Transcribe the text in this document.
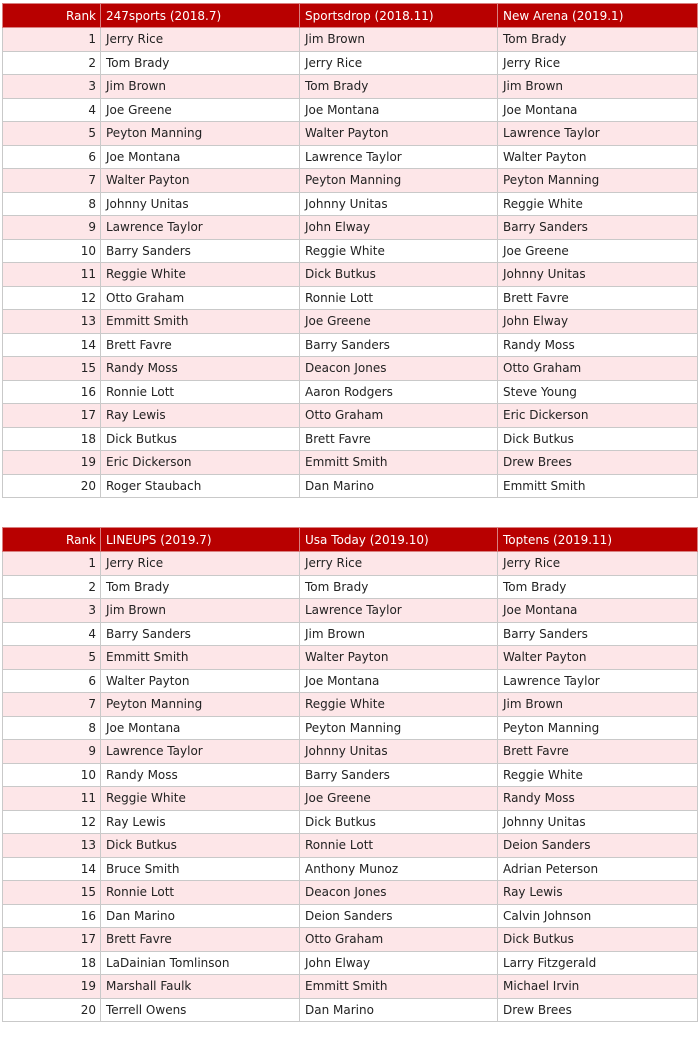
Rank	247sports (2018.7)	Sportsdrop (2018.11)	New Arena (2019.1)
1	Jerry Rice	Jim Brown	Tom Brady
2	Tom Brady	Jerry Rice	Jerry Rice
3	Jim Brown	Tom Brady	Jim Brown
4	Joe Greene	Joe Montana	Joe Montana
5	Peyton Manning	Walter Payton	Lawrence Taylor
6	Joe Montana	Lawrence Taylor	Walter Payton
7	Walter Payton	Peyton Manning	Peyton Manning
8	Johnny Unitas	Johnny Unitas	Reggie White
9	Lawrence Taylor	John Elway	Barry Sanders
10	Barry Sanders	Reggie White	Joe Greene
11	Reggie White	Dick Butkus	Johnny Unitas
12	Otto Graham	Ronnie Lott	Brett Favre
13	Emmitt Smith	Joe Greene	John Elway
14	Brett Favre	Barry Sanders	Randy Moss
15	Randy Moss	Deacon Jones	Otto Graham
16	Ronnie Lott	Aaron Rodgers	Steve Young
17	Ray Lewis	Otto Graham	Eric Dickerson
18	Dick Butkus	Brett Favre	Dick Butkus
19	Eric Dickerson	Emmitt Smith	Drew Brees
20	Roger Staubach	Dan Marino	Emmitt Smith
Rank	LINEUPS (2019.7)	Usa Today (2019.10)	Toptens (2019.11)
1	Jerry Rice	Jerry Rice	Jerry Rice
2	Tom Brady	Tom Brady	Tom Brady
3	Jim Brown	Lawrence Taylor	Joe Montana
4	Barry Sanders	Jim Brown	Barry Sanders
5	Emmitt Smith	Walter Payton	Walter Payton
6	Walter Payton	Joe Montana	Lawrence Taylor
7	Peyton Manning	Reggie White	Jim Brown
8	Joe Montana	Peyton Manning	Peyton Manning
9	Lawrence Taylor	Johnny Unitas	Brett Favre
10	Randy Moss	Barry Sanders	Reggie White
11	Reggie White	Joe Greene	Randy Moss
12	Ray Lewis	Dick Butkus	Johnny Unitas
13	Dick Butkus	Ronnie Lott	Deion Sanders
14	Bruce Smith	Anthony Munoz	Adrian Peterson
15	Ronnie Lott	Deacon Jones	Ray Lewis
16	Dan Marino	Deion Sanders	Calvin Johnson
17	Brett Favre	Otto Graham	Dick Butkus
18	LaDainian Tomlinson	John Elway	Larry Fitzgerald
19	Marshall Faulk	Emmitt Smith	Michael Irvin
20	Terrell Owens	Dan Marino	Drew Brees
